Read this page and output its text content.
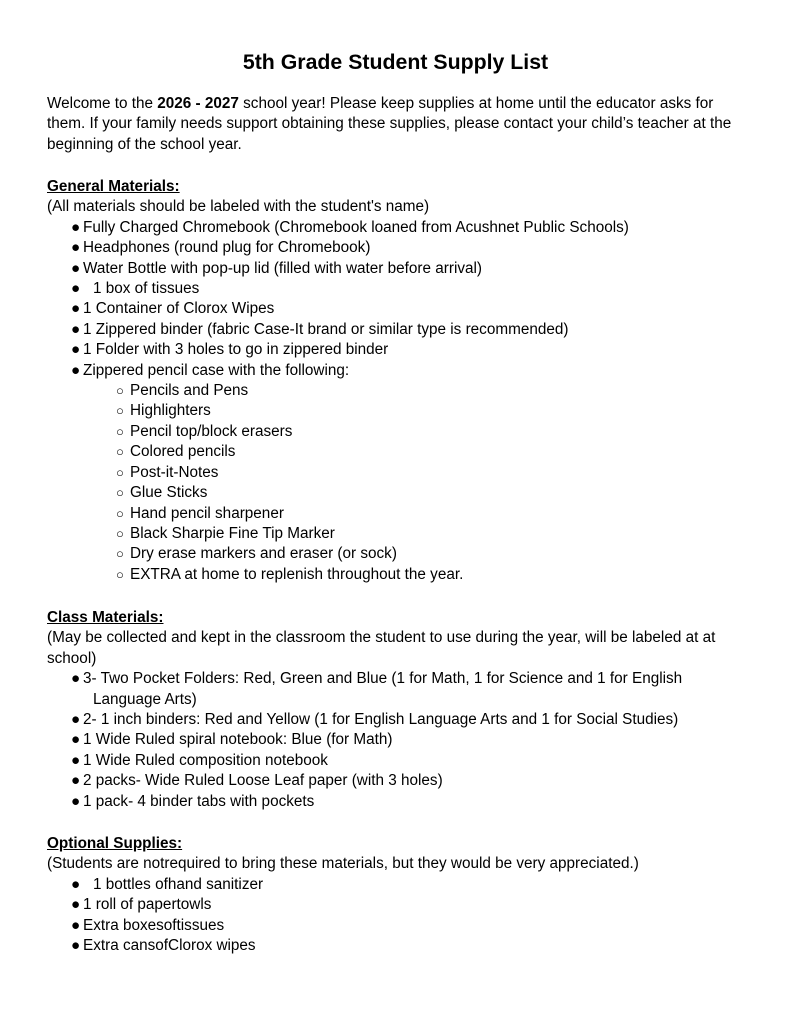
5th Grade Student Supply List
Welcome to the 2026 - 2027 school year! Please keep supplies at home until the educator asks for them. If your family needs support obtaining these supplies, please contact your child’s teacher at the beginning of the school year.
General Materials:
(All materials should be labeled with the student's name)
● Fully Charged Chromebook (Chromebook loaned from Acushnet Public Schools)
● Headphones (round plug for Chromebook)
● Water Bottle with pop-up lid (filled with water before arrival)
● 1 box of tissues
● 1 Container of Clorox Wipes
● 1 Zippered binder (fabric Case-It brand or similar type is recommended)
● 1 Folder with 3 holes to go in zippered binder
● Zippered pencil case with the following:
○ Pencils and Pens
○ Highlighters
○ Pencil top/block erasers
○ Colored pencils
○ Post-it-Notes
○ Glue Sticks
○ Hand pencil sharpener
○ Black Sharpie Fine Tip Marker
○ Dry erase markers and eraser (or sock)
○ EXTRA at home to replenish throughout the year.
Class Materials:
(May be collected and kept in the classroom the student to use during the year, will be labeled at at school)
● 3- Two Pocket Folders: Red, Green and Blue (1 for Math, 1 for Science and 1 for English
Language Arts)
● 2- 1 inch binders: Red and Yellow (1 for English Language Arts and 1 for Social Studies)
● 1 Wide Ruled spiral notebook: Blue (for Math)
● 1 Wide Ruled composition notebook
● 2 packs- Wide Ruled Loose Leaf paper (with 3 holes)
● 1 pack- 4 binder tabs with pockets
Optional Supplies:
(Students are notrequired to bring these materials, but they would be very appreciated.)
● 1 bottles ofhand sanitizer
● 1 roll of papertowls
● Extra boxesoftissues
● Extra cansofClorox wipes
